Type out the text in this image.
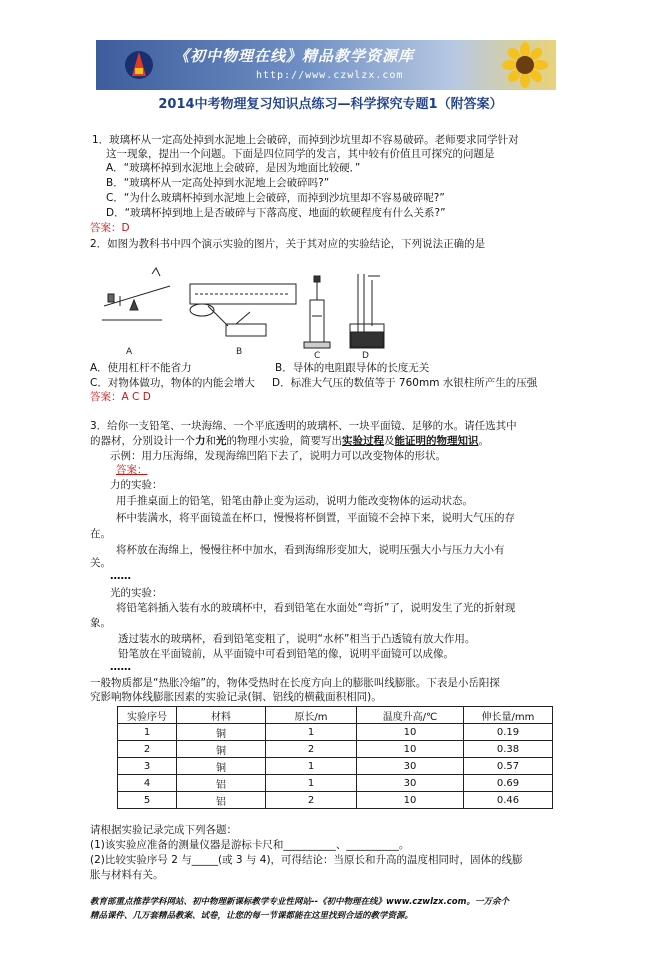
《初中物理在线》精品教学资源库
http://www.czwlzx.com
2014中考物理复习知识点练习—科学探究专题1（附答案）
1．玻璃杯从一定高处掉到水泥地上会破碎，而掉到沙坑里却不容易破碎。老师要求同学针对
这一现象，提出一个问题。下面是四位同学的发言，其中较有价值且可探究的问题是
A．“玻璃杯掉到水泥地上会破碎，是因为地面比较硬．”
B．“玻璃杯从一定高处掉到水泥地上会破碎吗?”
C．“为什么玻璃杯掉到水泥地上会破碎，而掉到沙坑里却不容易破碎呢?”
D．“玻璃杯掉到地上是否破碎与下落高度、地面的软硬程度有什么关系?”
答案：D
2．如图为教科书中四个演示实验的图片，关于其对应的实验结论，下列说法正确的是
A	B	C	D
A．使用杠杆不能省力	B．导体的电阻跟导体的长度无关
C．对物体做功，物体的内能会增大 D．标准大气压的数值等于 760mm 水银柱所产生的压强
答案：A C D
3．给你一支铅笔、一块海绵、一个平底透明的玻璃杯、一块平面镜、足够的水。请任选其中
的器材，分别设计一个力和光的物理小实验，简要写出实验过程及能证明的物理知识。
示例：用力压海绵，发现海绵凹陷下去了，说明力可以改变物体的形状。
答案：
力的实验：
用手推桌面上的铅笔，铅笔由静止变为运动，说明力能改变物体的运动状态。
杯中装满水，将平面镜盖在杯口，慢慢将杯倒置，平面镜不会掉下来，说明大气压的存
在。
将杯放在海绵上，慢慢往杯中加水，看到海绵形变加大，说明压强大小与压力大小有
关。
……
光的实验：
将铅笔斜插入装有水的玻璃杯中，看到铅笔在水面处“弯折”了，说明发生了光的折射现
象。
透过装水的玻璃杯，看到铅笔变粗了，说明“水杯”相当于凸透镜有放大作用。
铅笔放在平面镜前，从平面镜中可看到铅笔的像，说明平面镜可以成像。
……
一般物质都是“热胀冷缩”的，物体受热时在长度方向上的膨胀叫线膨胀。下表是小岳阳探
究影响物体线膨胀因素的实验记录(铜、铝线的横截面积相同)。
实验序号	材料	原长/m	温度升高/℃	伸长量/mm
1	铜	1	10	0.19
2	铜	2	10	0.38
3	铜	1	30	0.57
4	铝	1	30	0.69
5	铝	2	10	0.46
请根据实验记录完成下列各题：
(1)该实验应准备的测量仪器是游标卡尺和__________、__________。
(2)比较实验序号 2 与_____(或 3 与 4)，可得结论：当原长和升高的温度相同时，固体的线膨
胀与材料有关。
教育部重点推荐学科网站、初中物理新课标教学专业性网站--《初中物理在线》www.czwlzx.com。一万余个
精品课件、几万套精品教案、试卷，让您的每一节课都能在这里找到合适的教学资源。
